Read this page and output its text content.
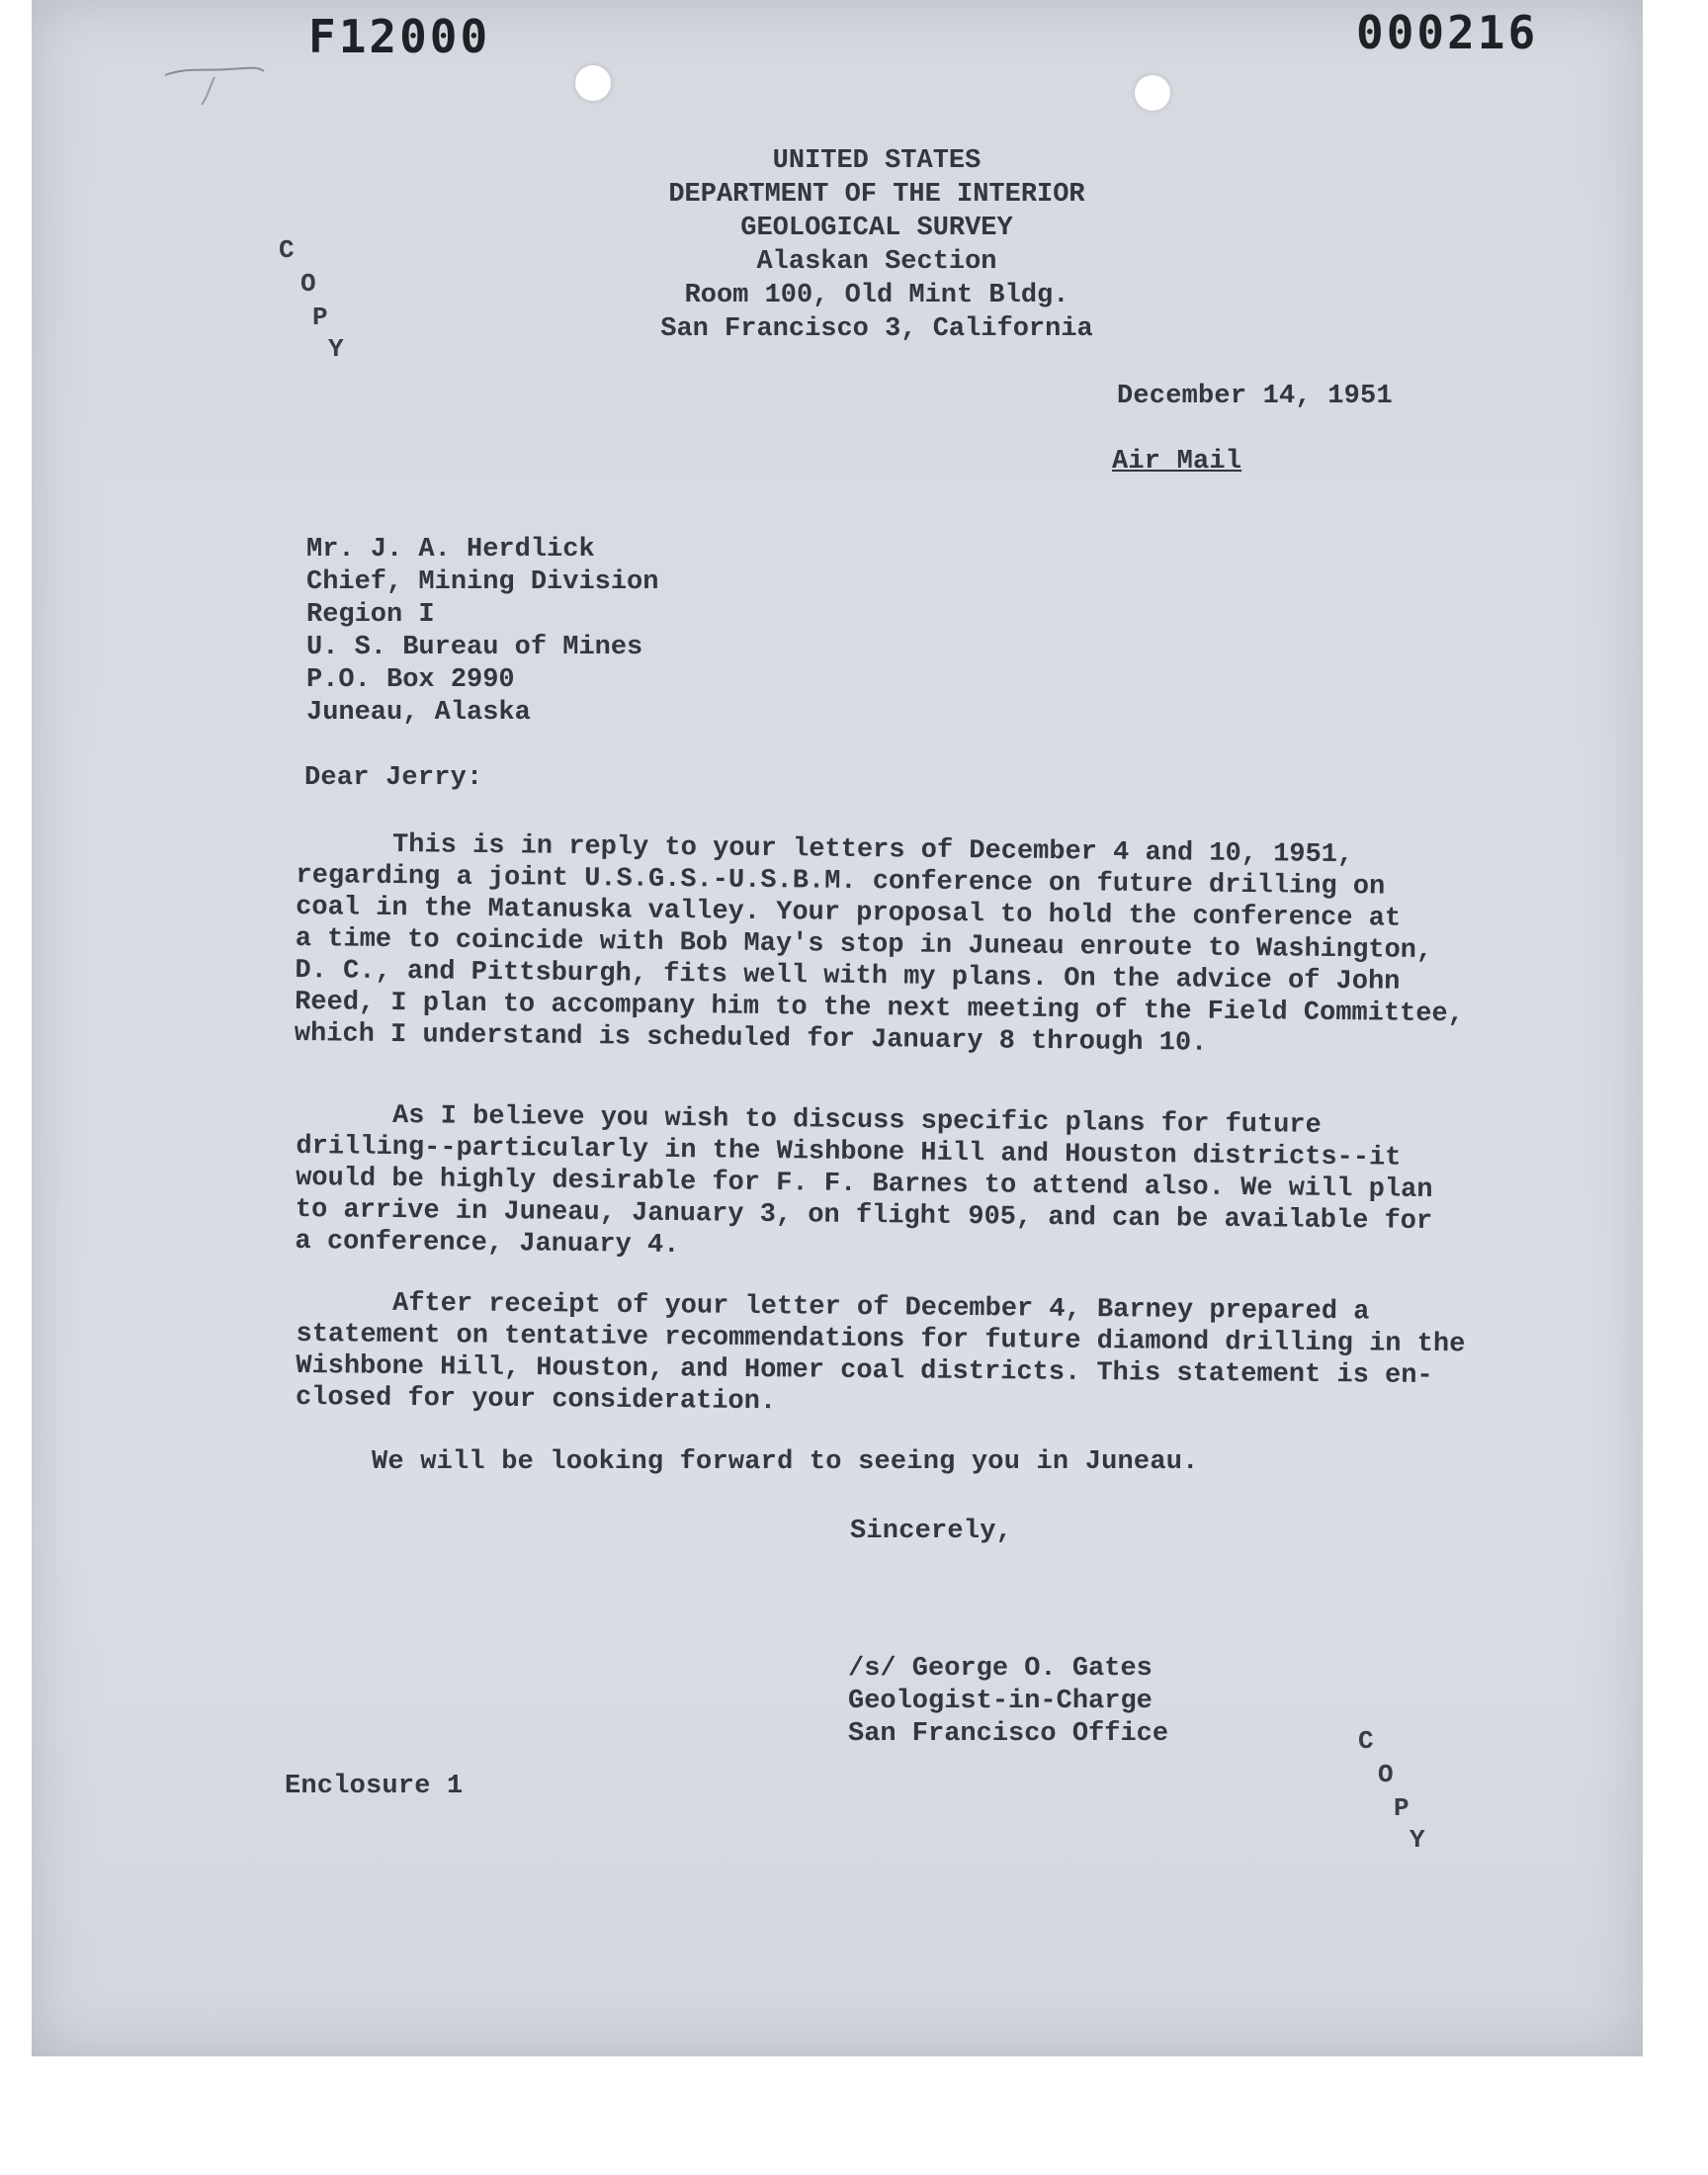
F12000	000216
UNITED STATES
DEPARTMENT OF THE INTERIOR
GEOLOGICAL SURVEY
Alaskan Section
Room 100, Old Mint Bldg.
San Francisco 3, California
C
O
P
Y
December 14, 1951
Air Mail
Mr. J. A. Herdlick
Chief, Mining Division
Region I
U. S. Bureau of Mines
P.O. Box 2990
Juneau, Alaska
Dear Jerry:
This is in reply to your letters of December 4 and 10, 1951,
regarding a joint U.S.G.S.-U.S.B.M. conference on future drilling on
coal in the Matanuska valley. Your proposal to hold the conference at
a time to coincide with Bob May's stop in Juneau enroute to Washington,
D. C., and Pittsburgh, fits well with my plans. On the advice of John
Reed, I plan to accompany him to the next meeting of the Field Committee,
which I understand is scheduled for January 8 through 10.
As I believe you wish to discuss specific plans for future
drilling--particularly in the Wishbone Hill and Houston districts--it
would be highly desirable for F. F. Barnes to attend also. We will plan
to arrive in Juneau, January 3, on flight 905, and can be available for
a conference, January 4.
After receipt of your letter of December 4, Barney prepared a
statement on tentative recommendations for future diamond drilling in the
Wishbone Hill, Houston, and Homer coal districts. This statement is en-
closed for your consideration.
We will be looking forward to seeing you in Juneau.
Sincerely,
/s/ George O. Gates
Geologist-in-Charge
San Francisco Office
Enclosure 1
C
O
P
Y
